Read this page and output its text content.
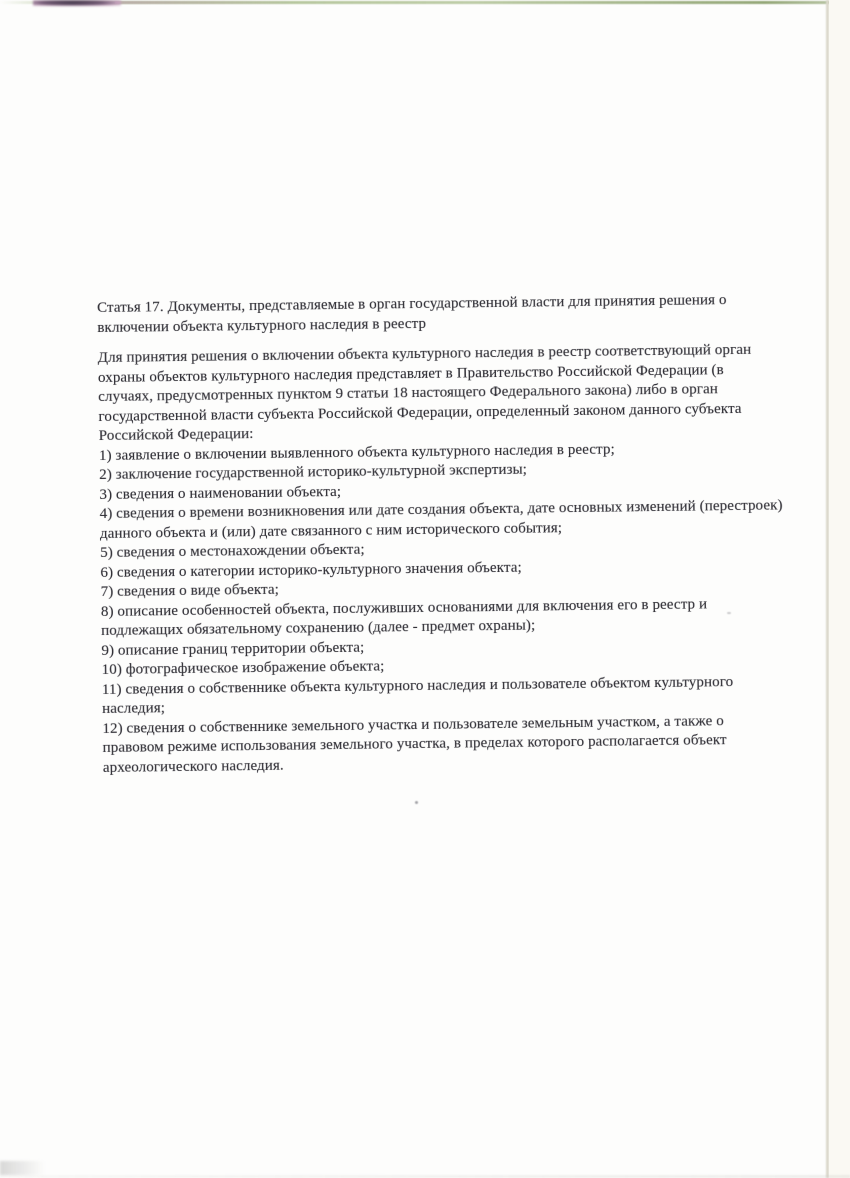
Статья 17. Документы, представляемые в орган государственной власти для принятия решения о включении объекта культурного наследия в реестр

Для принятия решения о включении объекта культурного наследия в реестр соответствующий орган охраны объектов культурного наследия представляет в Правительство Российской Федерации (в случаях, предусмотренных пунктом 9 статьи 18 настоящего Федерального закона) либо в орган государственной власти субъекта Российской Федерации, определенный законом данного субъекта Российской Федерации:

1) заявление о включении выявленного объекта культурного наследия в реестр;

2) заключение государственной историко-культурной экспертизы;

3) сведения о наименовании объекта;

4) сведения о времени возникновения или дате создания объекта, дате основных изменений (перестроек) данного объекта и (или) дате связанного с ним исторического события;

5) сведения о местонахождении объекта;

6) сведения о категории историко-культурного значения объекта;

7) сведения о виде объекта;

8) описание особенностей объекта, послуживших основаниями для включения его в реестр и подлежащих обязательному сохранению (далее - предмет охраны);

9) описание границ территории объекта;

10) фотографическое изображение объекта;

11) сведения о собственнике объекта культурного наследия и пользователе объектом культурного наследия;

12) сведения о собственнике земельного участка и пользователе земельным участком, а также о правовом режиме использования земельного участка, в пределах которого располагается объект археологического наследия.
